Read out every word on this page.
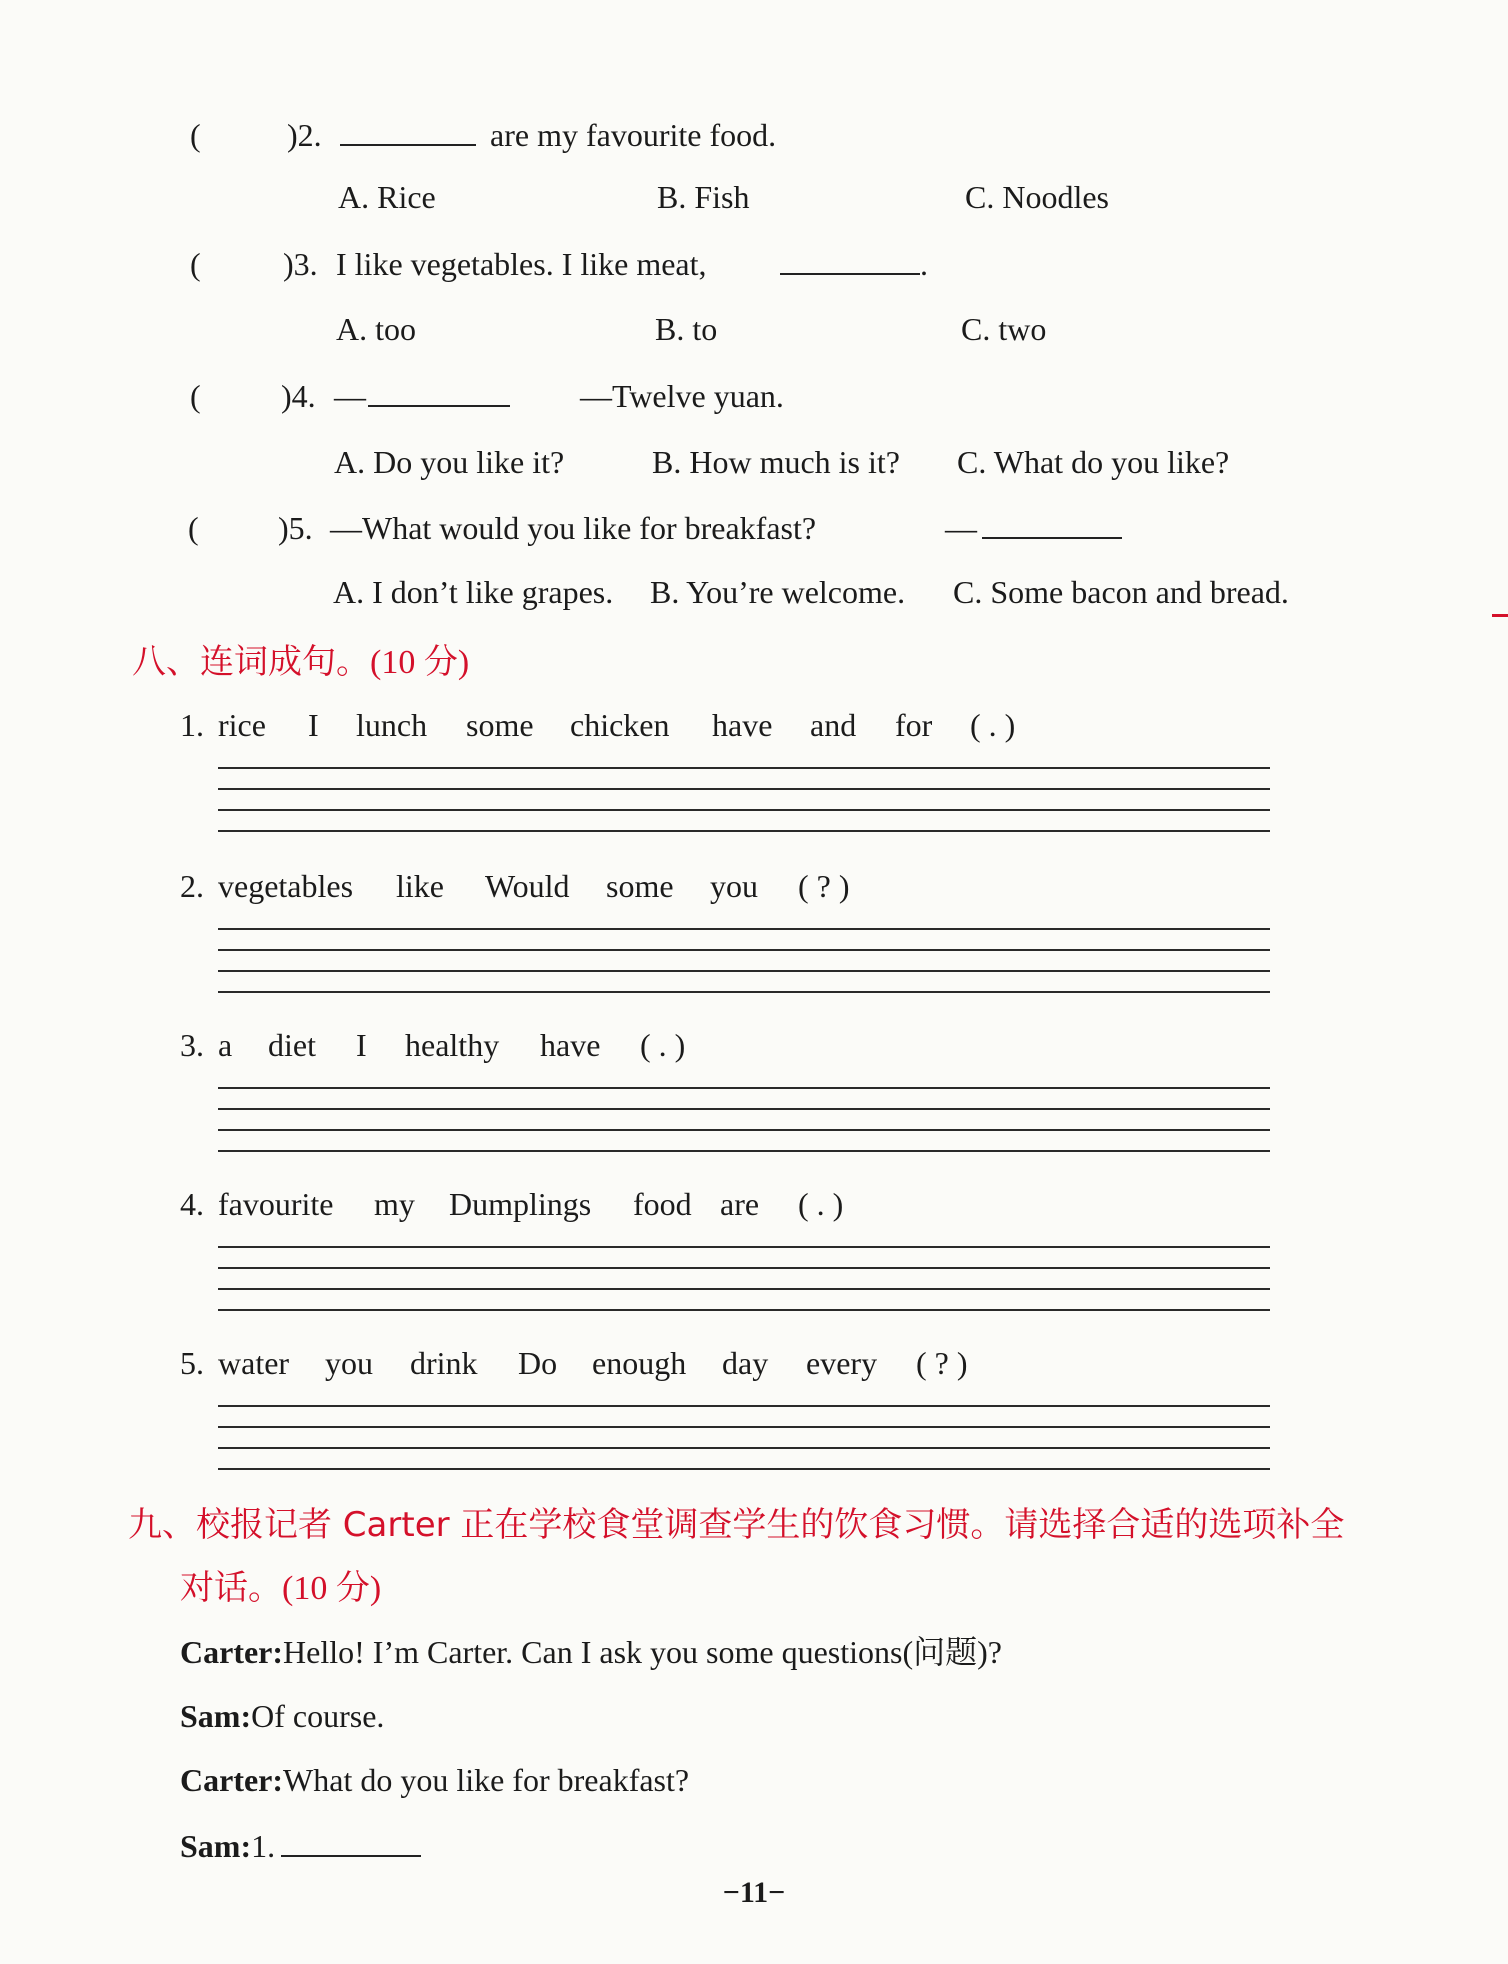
(	)2.	are my favourite food.
A. Rice	B. Fish	C. Noodles
(	)3. I like vegetables. I like meat,	.
A. too	B. to	C. two
(	)4. —	—Twelve yuan.
A. Do you like it?	B. How much is it? C. What do you like?
( )5. —What would you like for breakfast?	—
A. I don’t like grapes. B. You’re welcome. C. Some bacon and bread.
八、连词成句。(10 分)
1. rice I lunch some chicken have and for ( . )
2. vegetables like Would some you ( ? )
3. a diet I healthy have ( . )
4. favourite my Dumplings food are ( . )
5. water you drink Do enough day every ( ? )
九、校报记者 Carter 正在学校食堂调查学生的饮食习惯。请选择合适的选项补全
对话。(10 分)
Carter:Hello! I’m Carter. Can I ask you some questions(问题)?
Sam:Of course.
Carter:What do you like for breakfast?
Sam:1.
−11−
